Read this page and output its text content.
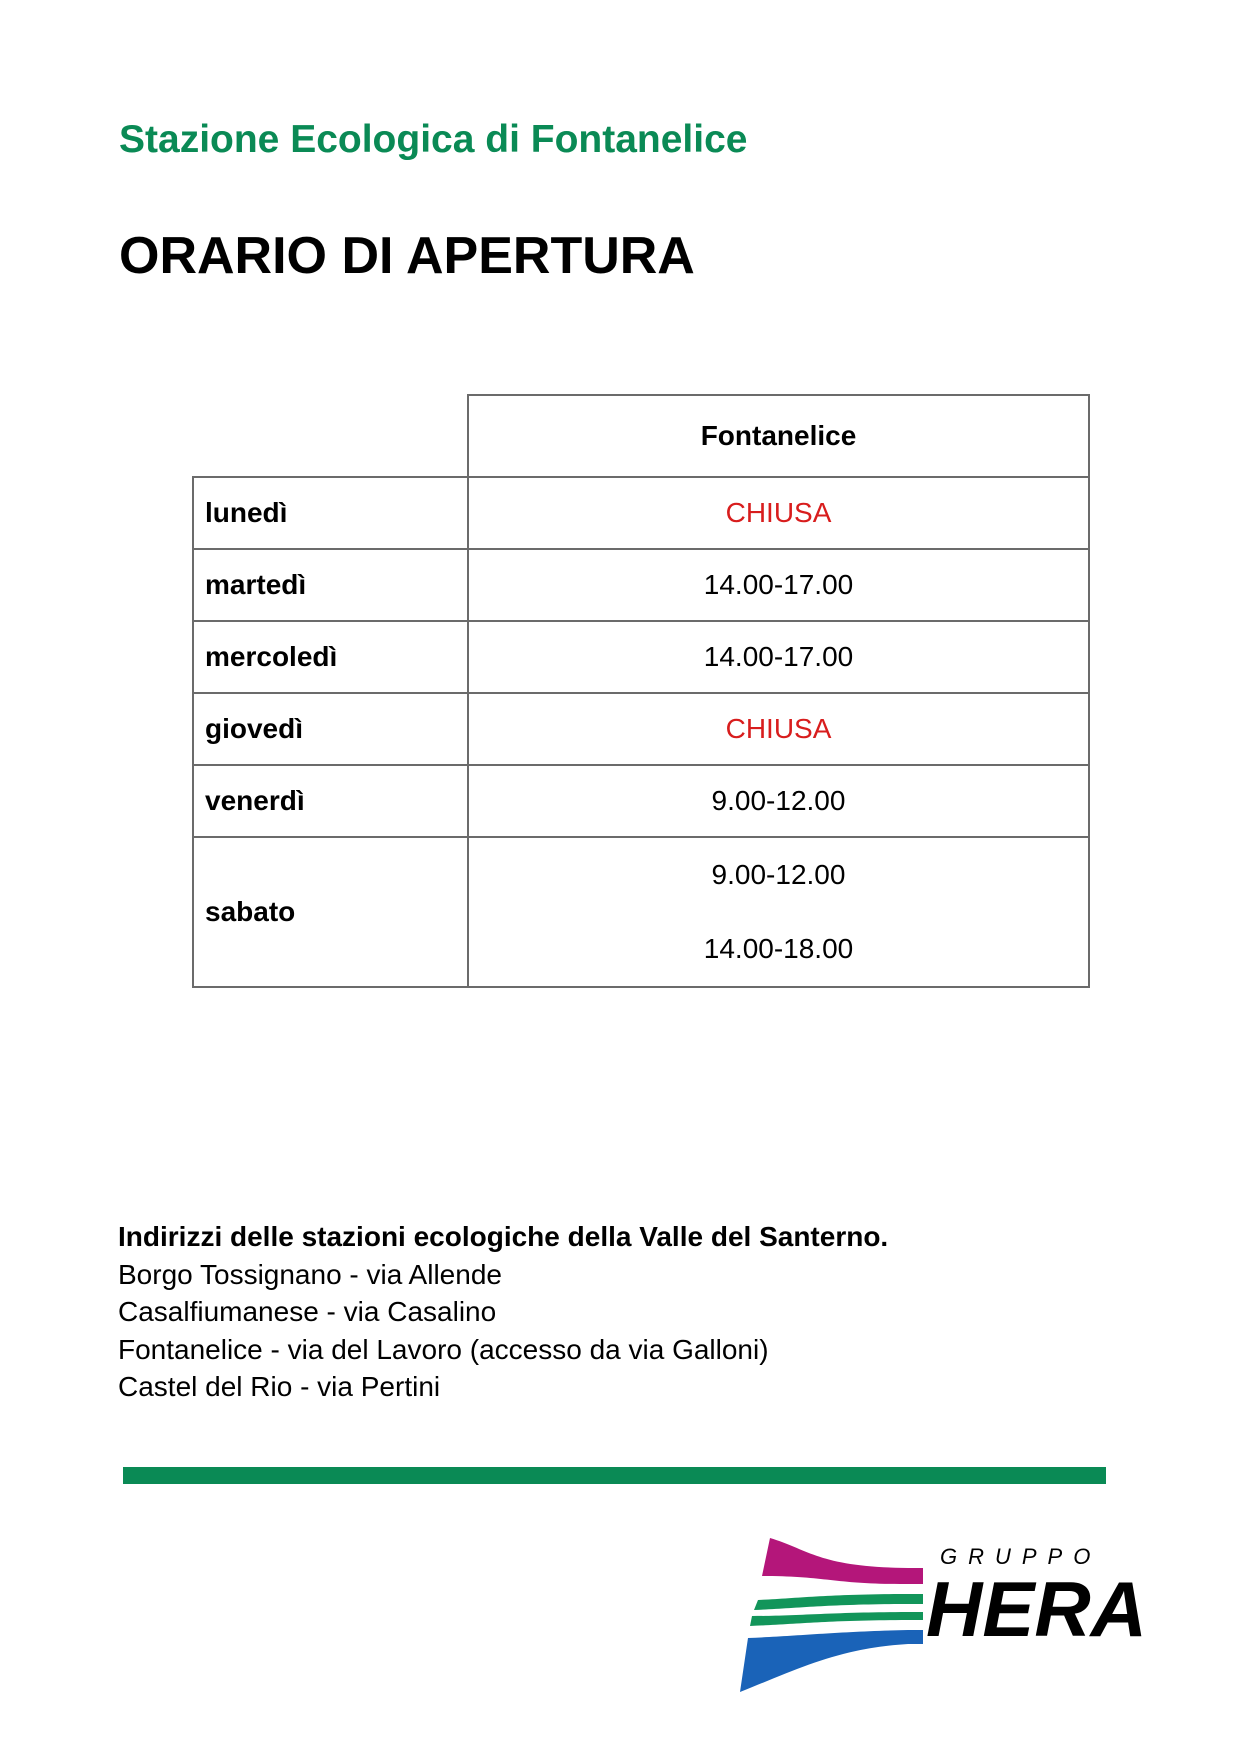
Stazione Ecologica di Fontanelice
ORARIO DI APERTURA
	Fontanelice
lunedì	CHIUSA
martedì	14.00-17.00
mercoledì	14.00-17.00
giovedì	CHIUSA
venerdì	9.00-12.00
sabato	9.00-12.00
14.00-18.00
Indirizzi delle stazioni ecologiche della Valle del Santerno.
Borgo Tossignano - via Allende
Casalfiumanese - via Casalino
Fontanelice - via del Lavoro (accesso da via Galloni)
Castel del Rio - via Pertini
GRUPPO
HERA
